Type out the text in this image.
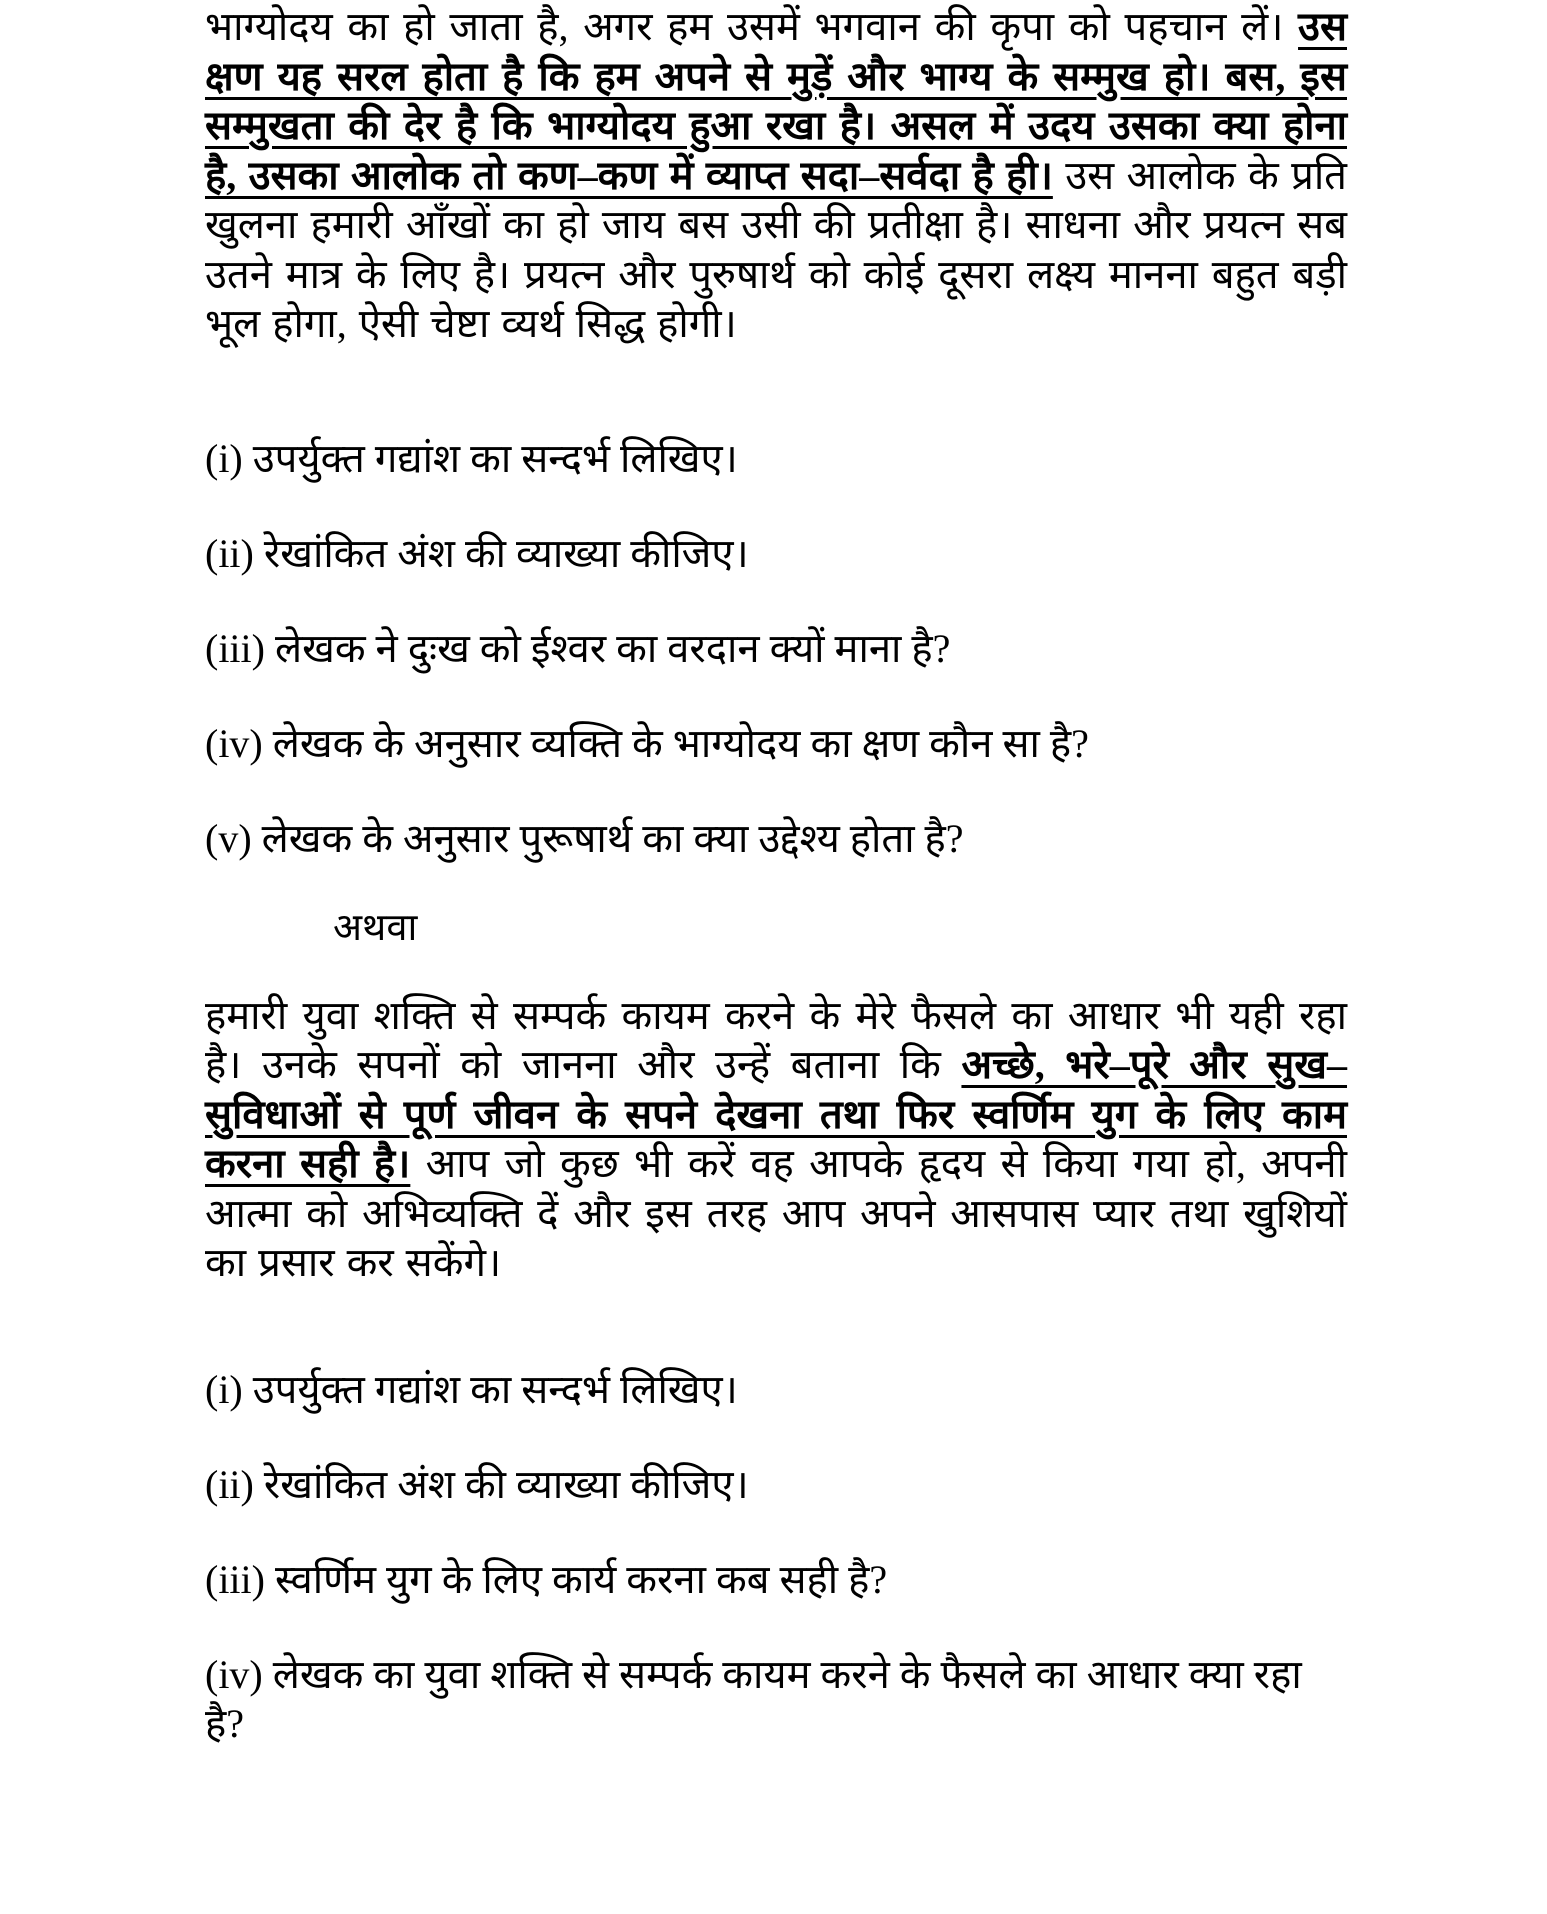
भाग्योदय का हो जाता है, अगर हम उसमें भगवान की कृपा को पहचान लें। उस क्षण यह सरल होता है कि हम अपने से मुड़ें और भाग्य के सम्मुख हो। बस, इस सम्मुखता की देर है कि भाग्योदय हुआ रखा है। असल में उदय उसका क्या होना है, उसका आलोक तो कण–कण में व्याप्त सदा–सर्वदा है ही। उस आलोक के प्रति खुलना हमारी आँखों का हो जाय बस उसी की प्रतीक्षा है। साधना और प्रयत्न सब उतने मात्र के लिए है। प्रयत्न और पुरुषार्थ को कोई दूसरा लक्ष्य मानना बहुत बड़ी भूल होगा, ऐसी चेष्टा व्यर्थ सिद्ध होगी।

(i) उपर्युक्त गद्यांश का सन्दर्भ लिखिए।
(ii) रेखांकित अंश की व्याख्या कीजिए।
(iii) लेखक ने दुःख को ईश्वर का वरदान क्यों माना है?
(iv) लेखक के अनुसार व्यक्ति के भाग्योदय का क्षण कौन सा है?
(v) लेखक के अनुसार पुरूषार्थ का क्या उद्देश्य होता है?

अथवा

हमारी युवा शक्ति से सम्पर्क कायम करने के मेरे फैसले का आधार भी यही रहा है। उनके सपनों को जानना और उन्हें बताना कि अच्छे, भरे–पूरे और सुख–सुविधाओं से पूर्ण जीवन के सपने देखना तथा फिर स्वर्णिम युग के लिए काम करना सही है। आप जो कुछ भी करें वह आपके हृदय से किया गया हो, अपनी आत्मा को अभिव्यक्ति दें और इस तरह आप अपने आसपास प्यार तथा खुशियों का प्रसार कर सकेंगे।

(i) उपर्युक्त गद्यांश का सन्दर्भ लिखिए।
(ii) रेखांकित अंश की व्याख्या कीजिए।
(iii) स्वर्णिम युग के लिए कार्य करना कब सही है?
(iv) लेखक का युवा शक्ति से सम्पर्क कायम करने के फैसले का आधार क्या रहा है?
